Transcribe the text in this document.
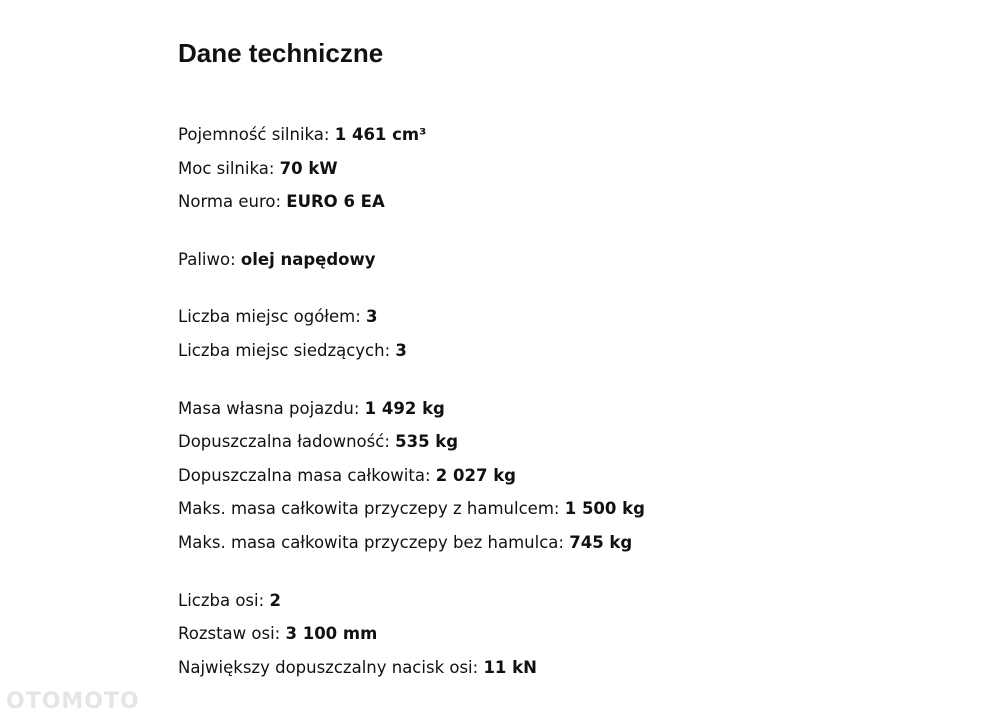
Dane techniczne
Pojemność silnika: 1 461 cm³
Moc silnika: 70 kW
Norma euro: EURO 6 EA
Paliwo: olej napędowy
Liczba miejsc ogółem: 3
Liczba miejsc siedzących: 3
Masa własna pojazdu: 1 492 kg
Dopuszczalna ładowność: 535 kg
Dopuszczalna masa całkowita: 2 027 kg
Maks. masa całkowita przyczepy z hamulcem: 1 500 kg
Maks. masa całkowita przyczepy bez hamulca: 745 kg
Liczba osi: 2
Rozstaw osi: 3 100 mm
Największy dopuszczalny nacisk osi: 11 kN
OTOMOTO
